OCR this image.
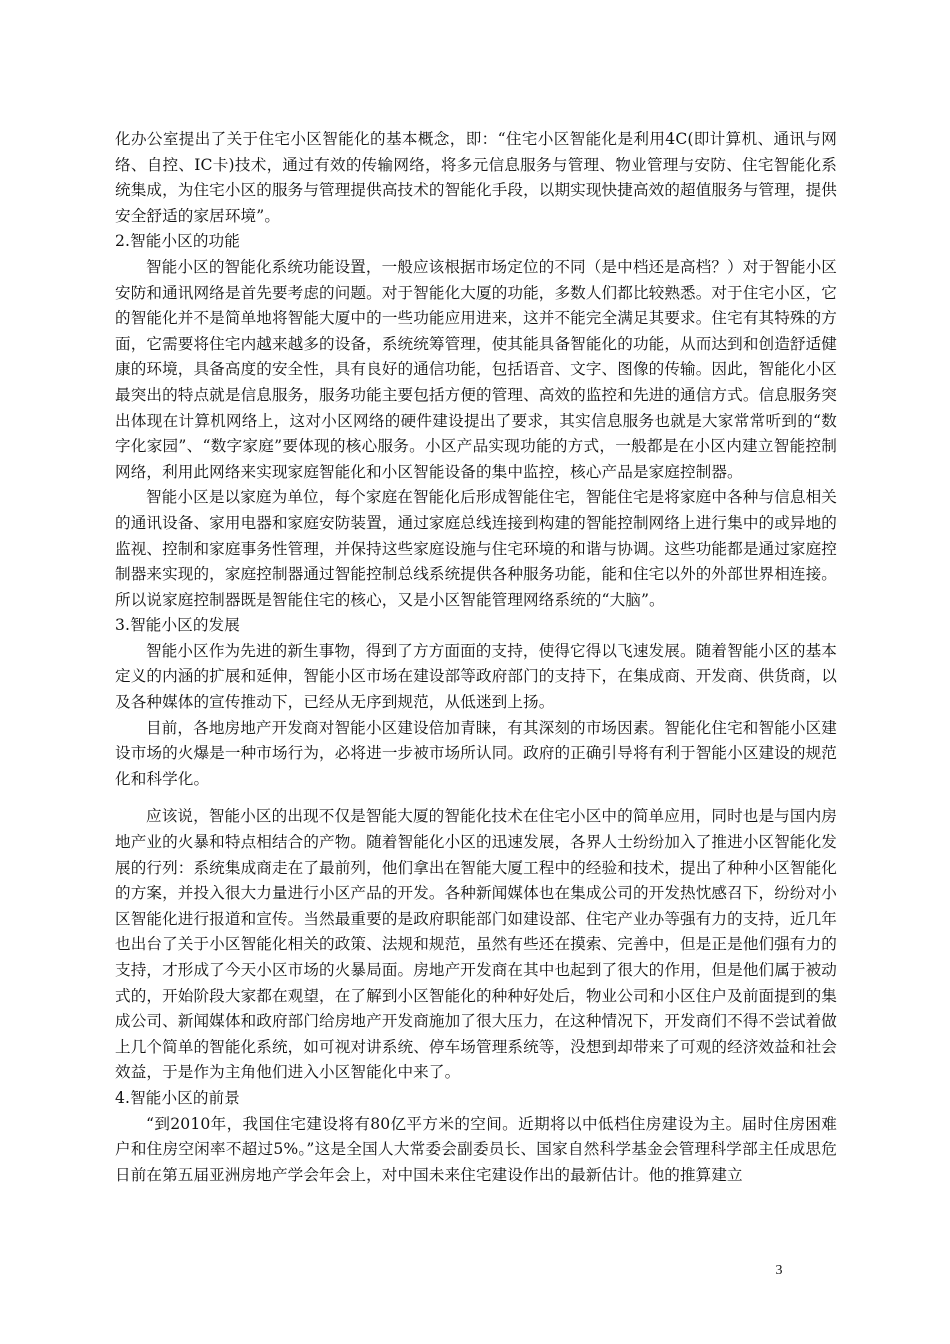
化办公室提出了关于住宅小区智能化的基本概念，即：“住宅小区智能化是利用4C(即计算机、通讯与网络、自控、IC卡)技术，通过有效的传输网络，将多元信息服务与管理、物业管理与安防、住宅智能化系统集成，为住宅小区的服务与管理提供高技术的智能化手段，以期实现快捷高效的超值服务与管理，提供安全舒适的家居环境”。

2.智能小区的功能

智能小区的智能化系统功能设置，一般应该根据市场定位的不同（是中档还是高档？）对于智能小区安防和通讯网络是首先要考虑的问题。对于智能化大厦的功能，多数人们都比较熟悉。对于住宅小区，它的智能化并不是简单地将智能大厦中的一些功能应用进来，这并不能完全满足其要求。住宅有其特殊的方面，它需要将住宅内越来越多的设备，系统统筹管理，使其能具备智能化的功能，从而达到和创造舒适健康的环境，具备高度的安全性，具有良好的通信功能，包括语音、文字、图像的传输。因此，智能化小区最突出的特点就是信息服务，服务功能主要包括方便的管理、高效的监控和先进的通信方式。信息服务突出体现在计算机网络上，这对小区网络的硬件建设提出了要求，其实信息服务也就是大家常常听到的“数字化家园”、“数字家庭”要体现的核心服务。小区产品实现功能的方式，一般都是在小区内建立智能控制网络，利用此网络来实现家庭智能化和小区智能设备的集中监控，核心产品是家庭控制器。

智能小区是以家庭为单位，每个家庭在智能化后形成智能住宅，智能住宅是将家庭中各种与信息相关的通讯设备、家用电器和家庭安防装置，通过家庭总线连接到构建的智能控制网络上进行集中的或异地的监视、控制和家庭事务性管理，并保持这些家庭设施与住宅环境的和谐与协调。这些功能都是通过家庭控制器来实现的，家庭控制器通过智能控制总线系统提供各种服务功能，能和住宅以外的外部世界相连接。所以说家庭控制器既是智能住宅的核心，又是小区智能管理网络系统的“大脑”。

3.智能小区的发展

智能小区作为先进的新生事物，得到了方方面面的支持，使得它得以飞速发展。随着智能小区的基本定义的内涵的扩展和延伸，智能小区市场在建设部等政府部门的支持下，在集成商、开发商、供货商，以及各种媒体的宣传推动下，已经从无序到规范，从低迷到上扬。

目前，各地房地产开发商对智能小区建设倍加青睐，有其深刻的市场因素。智能化住宅和智能小区建设市场的火爆是一种市场行为，必将进一步被市场所认同。政府的正确引导将有利于智能小区建设的规范化和科学化。

应该说，智能小区的出现不仅是智能大厦的智能化技术在住宅小区中的简单应用，同时也是与国内房地产业的火暴和特点相结合的产物。随着智能化小区的迅速发展，各界人士纷纷加入了推进小区智能化发展的行列：系统集成商走在了最前列，他们拿出在智能大厦工程中的经验和技术，提出了种种小区智能化的方案，并投入很大力量进行小区产品的开发。各种新闻媒体也在集成公司的开发热忱感召下，纷纷对小区智能化进行报道和宣传。当然最重要的是政府职能部门如建设部、住宅产业办等强有力的支持，近几年也出台了关于小区智能化相关的政策、法规和规范，虽然有些还在摸索、完善中，但是正是他们强有力的支持，才形成了今天小区市场的火暴局面。房地产开发商在其中也起到了很大的作用，但是他们属于被动式的，开始阶段大家都在观望，在了解到小区智能化的种种好处后，物业公司和小区住户及前面提到的集成公司、新闻媒体和政府部门给房地产开发商施加了很大压力，在这种情况下，开发商们不得不尝试着做上几个简单的智能化系统，如可视对讲系统、停车场管理系统等，没想到却带来了可观的经济效益和社会效益，于是作为主角他们进入小区智能化中来了。

4.智能小区的前景

“到2010年，我国住宅建设将有80亿平方米的空间。近期将以中低档住房建设为主。届时住房困难户和住房空闲率不超过5%。”这是全国人大常委会副委员长、国家自然科学基金会管理科学部主任成思危日前在第五届亚洲房地产学会年会上，对中国未来住宅建设作出的最新估计。他的推算建立

3
